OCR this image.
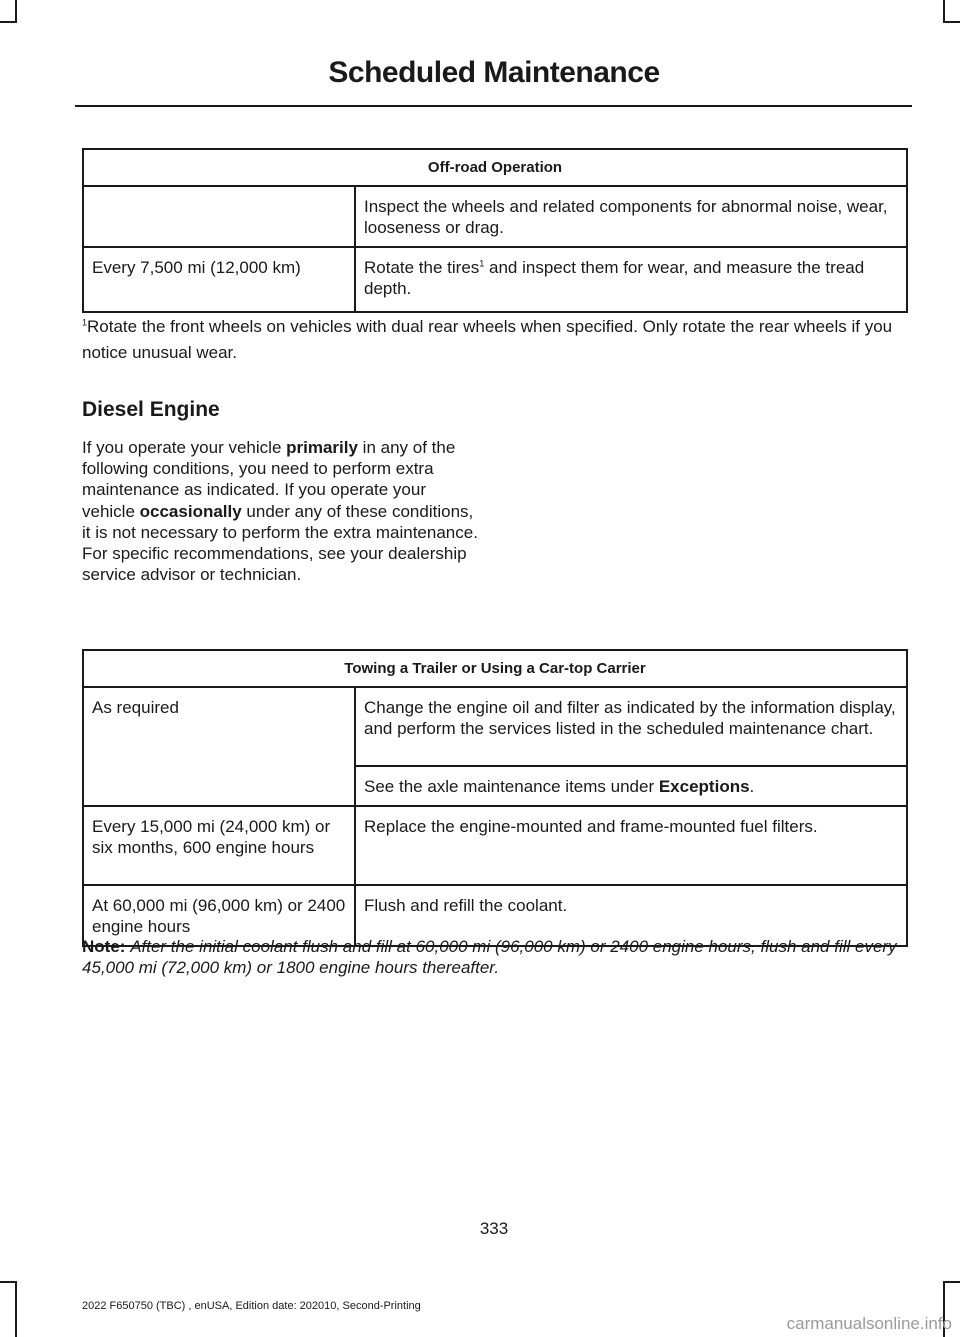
Scheduled Maintenance
Off-road Operation	
	Inspect the wheels and related components for abnormal noise, wear, looseness or drag.
Every 7,500 mi (12,000 km)	Rotate the tires$^1$ and inspect them for wear, and measure the tread depth.

$^1$Rotate the front wheels on vehicles with dual rear wheels when specified. Only rotate the rear wheels if you notice unusual wear.

Diesel Engine

If you operate your vehicle primarily in any of the following conditions, you need to perform extra maintenance as indicated. If you operate your vehicle occasionally under any of these conditions, it is not necessary to perform the extra maintenance. For specific recommendations, see your dealership service advisor or technician.

Towing a Trailer or Using a Car-top Carrier	
As required	Change the engine oil and filter as indicated by the information display, and perform the services listed in the scheduled maintenance chart.
	See the axle maintenance items under Exceptions.
Every 15,000 mi (24,000 km) or six months, 600 engine hours	Replace the engine-mounted and frame-mounted fuel filters.
At 60,000 mi (96,000 km) or 2400 engine hours	Flush and refill the coolant.

Note: After the initial coolant flush and fill at 60,000 mi (96,000 km) or 2400 engine hours, flush and fill every 45,000 mi (72,000 km) or 1800 engine hours thereafter.

333
2022 F650750 (TBC) , enUSA, Edition date: 202010, Second-Printing
carmanualsonline.info
